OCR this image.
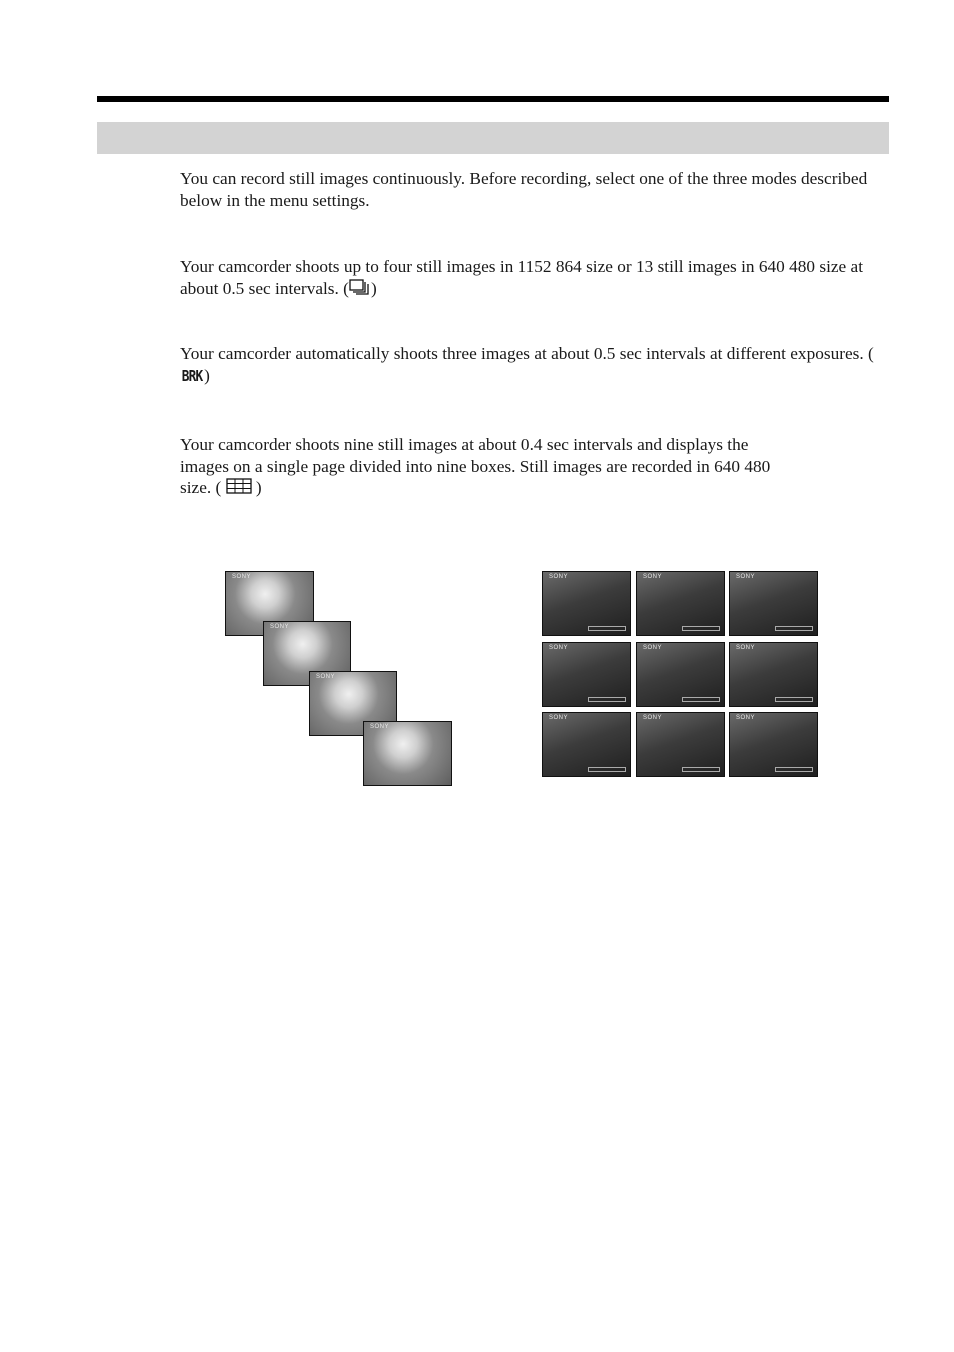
You can record still images continuously. Before recording, select one of the three modes described below in the menu settings.

Your camcorder shoots up to four still images in 1152 864 size or 13 still images in 640 480 size at about 0.5 sec intervals. ( )

Your camcorder automatically shoots three images at about 0.5 sec intervals at different exposures. (BRK )

Your camcorder shoots nine still images at about 0.4 sec intervals and displays the
images on a single page divided into nine boxes. Still images are recorded in 640 480
size. ( )
SONY
SONY
SONY
SONY
SONY	SONY	SONY
SONY	SONY	SONY
SONY	SONY	SONY
